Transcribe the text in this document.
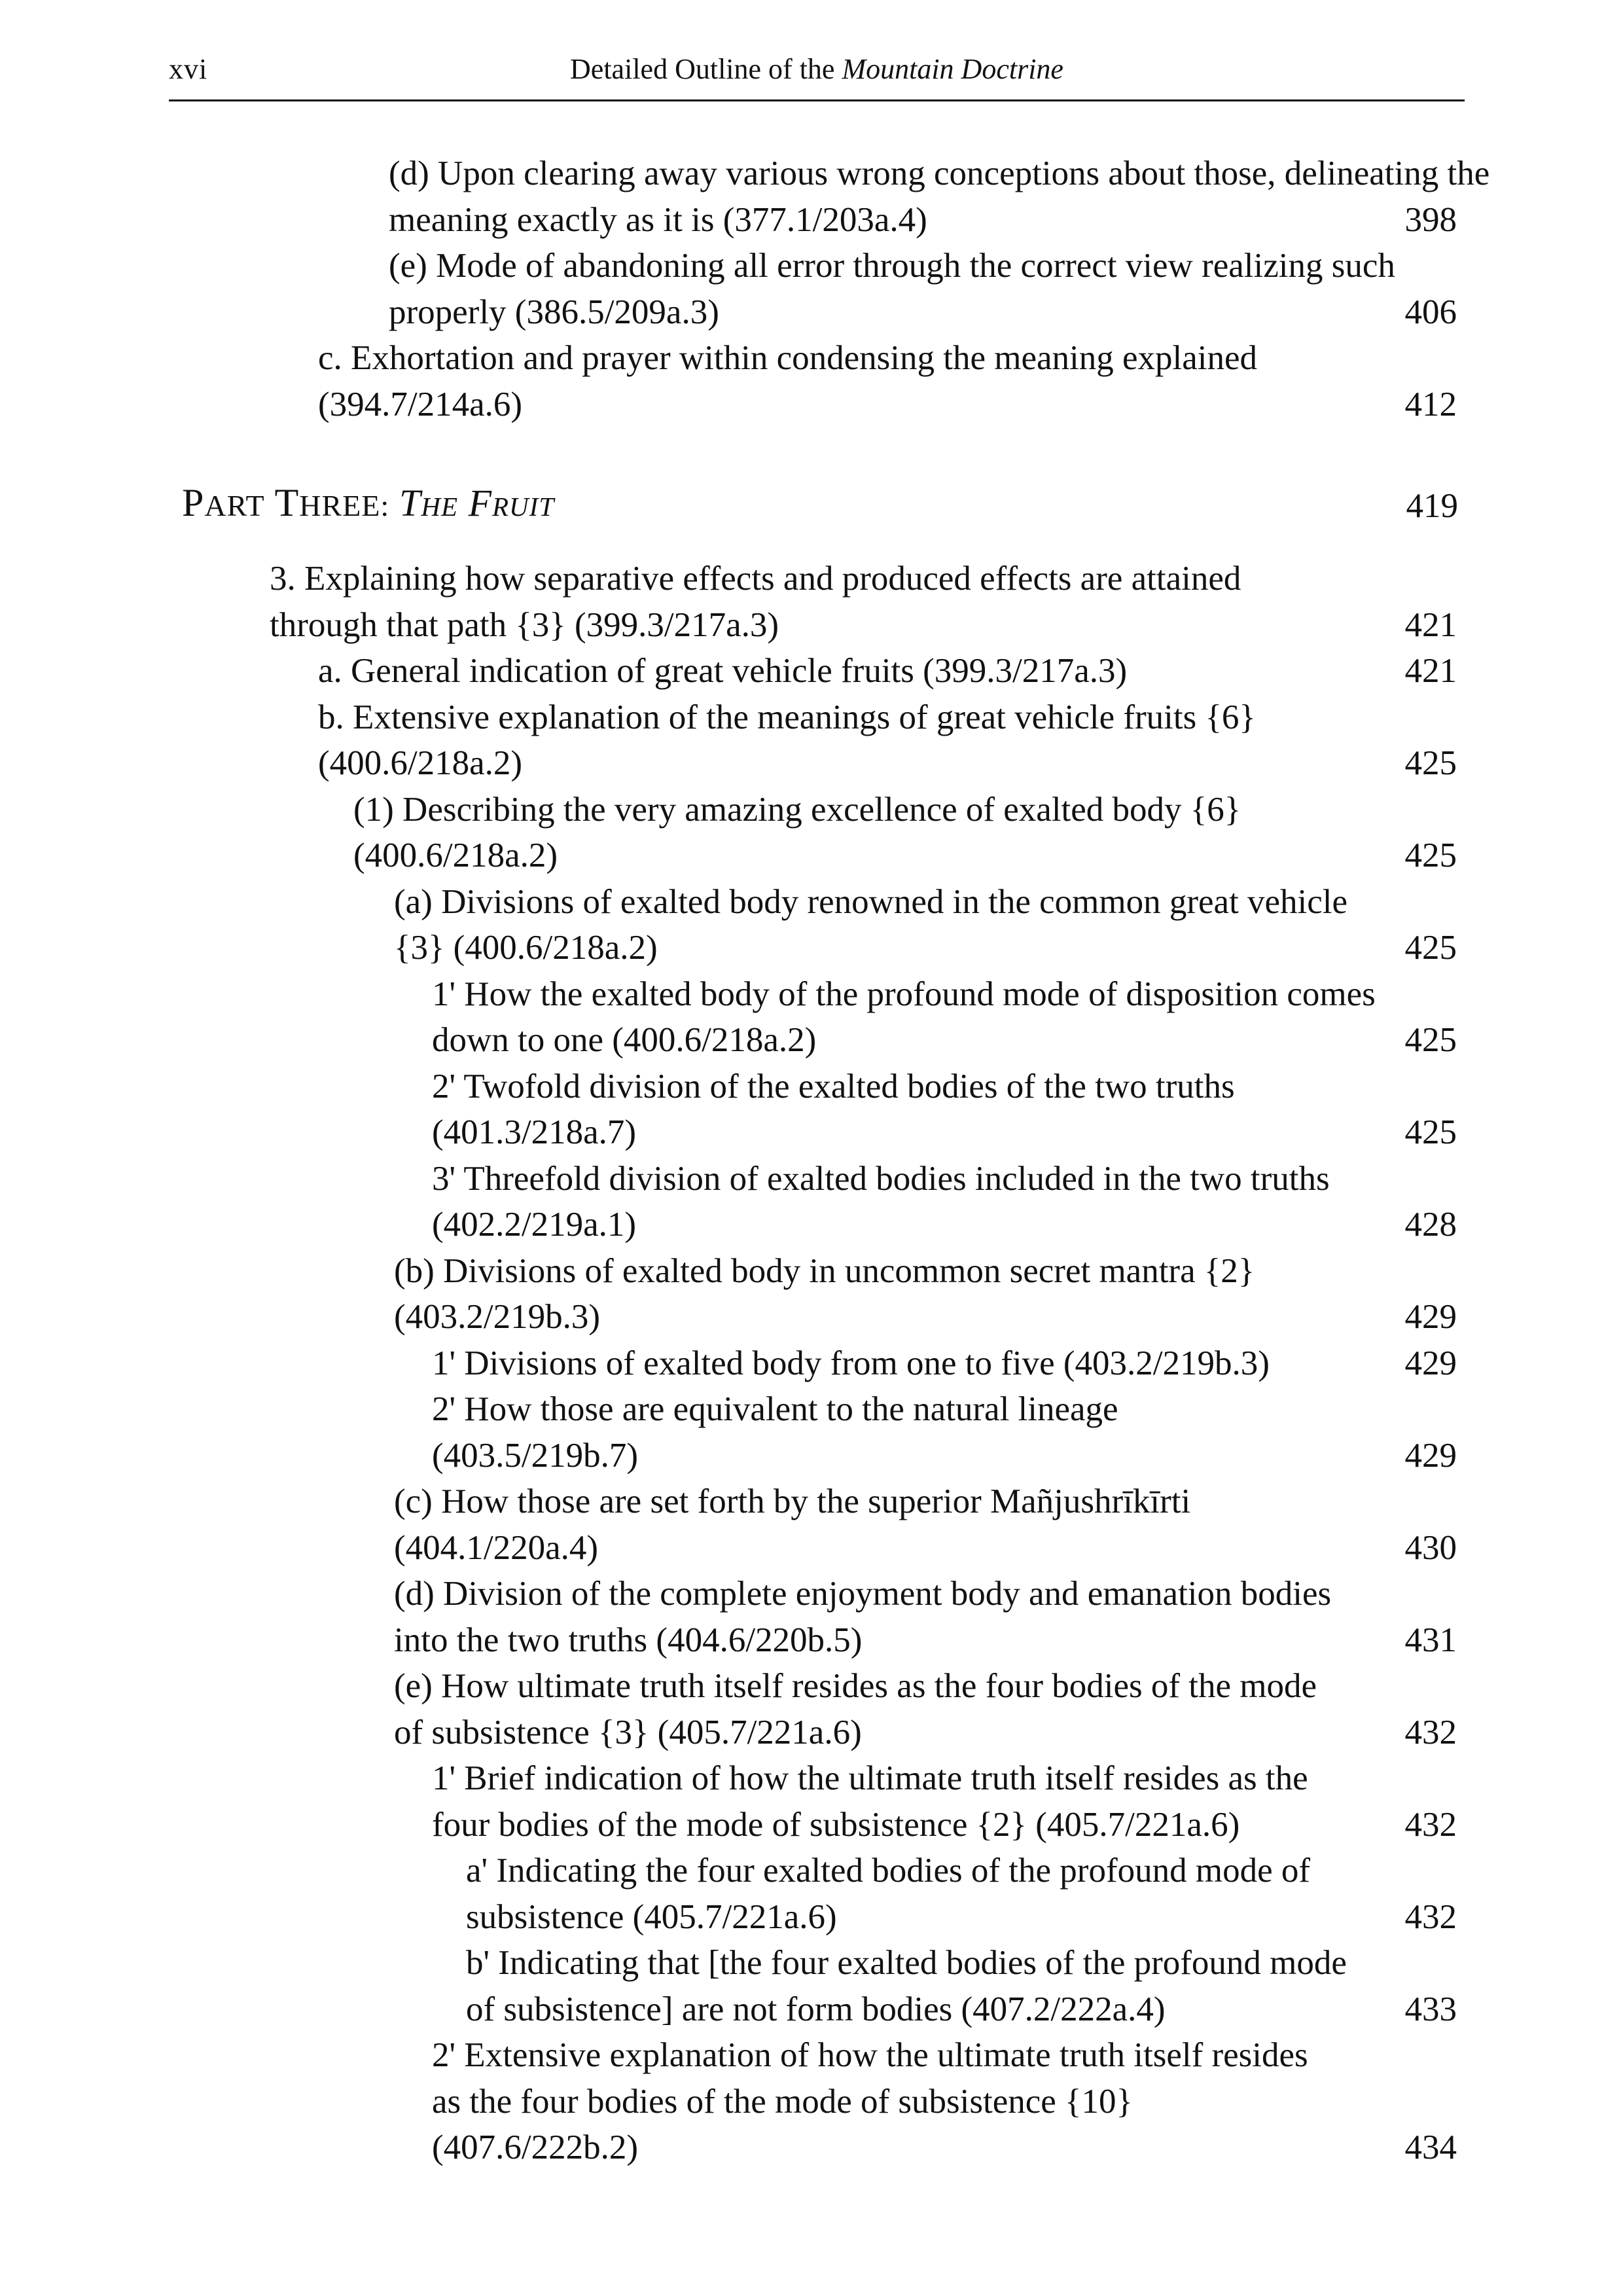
xvi	Detailed Outline of the Mountain Doctrine
(d) Upon clearing away various wrong conceptions about those, delineating the meaning exactly as it is (377.1/203a.4)	398
(e) Mode of abandoning all error through the correct view realizing such properly (386.5/209a.3)	406
c. Exhortation and prayer within condensing the meaning explained (394.7/214a.6)	412
PART THREE: The Fruit	419
3. Explaining how separative effects and produced effects are attained through that path {3} (399.3/217a.3)	421
a. General indication of great vehicle fruits (399.3/217a.3)	421
b. Extensive explanation of the meanings of great vehicle fruits {6} (400.6/218a.2)	425
(1) Describing the very amazing excellence of exalted body {6} (400.6/218a.2)	425
(a) Divisions of exalted body renowned in the common great vehicle {3} (400.6/218a.2)	425
1' How the exalted body of the profound mode of disposition comes down to one (400.6/218a.2)	425
2' Twofold division of the exalted bodies of the two truths (401.3/218a.7)	425
3' Threefold division of exalted bodies included in the two truths (402.2/219a.1)	428
(b) Divisions of exalted body in uncommon secret mantra {2} (403.2/219b.3)	429
1' Divisions of exalted body from one to five (403.2/219b.3)	429
2' How those are equivalent to the natural lineage (403.5/219b.7)	429
(c) How those are set forth by the superior Mañjushrīkīrti (404.1/220a.4)	430
(d) Division of the complete enjoyment body and emanation bodies into the two truths (404.6/220b.5)	431
(e) How ultimate truth itself resides as the four bodies of the mode of subsistence {3} (405.7/221a.6)	432
1' Brief indication of how the ultimate truth itself resides as the four bodies of the mode of subsistence {2} (405.7/221a.6)	432
a' Indicating the four exalted bodies of the profound mode of subsistence (405.7/221a.6)	432
b' Indicating that [the four exalted bodies of the profound mode of subsistence] are not form bodies (407.2/222a.4)	433
2' Extensive explanation of how the ultimate truth itself resides as the four bodies of the mode of subsistence {10} (407.6/222b.2)	434
